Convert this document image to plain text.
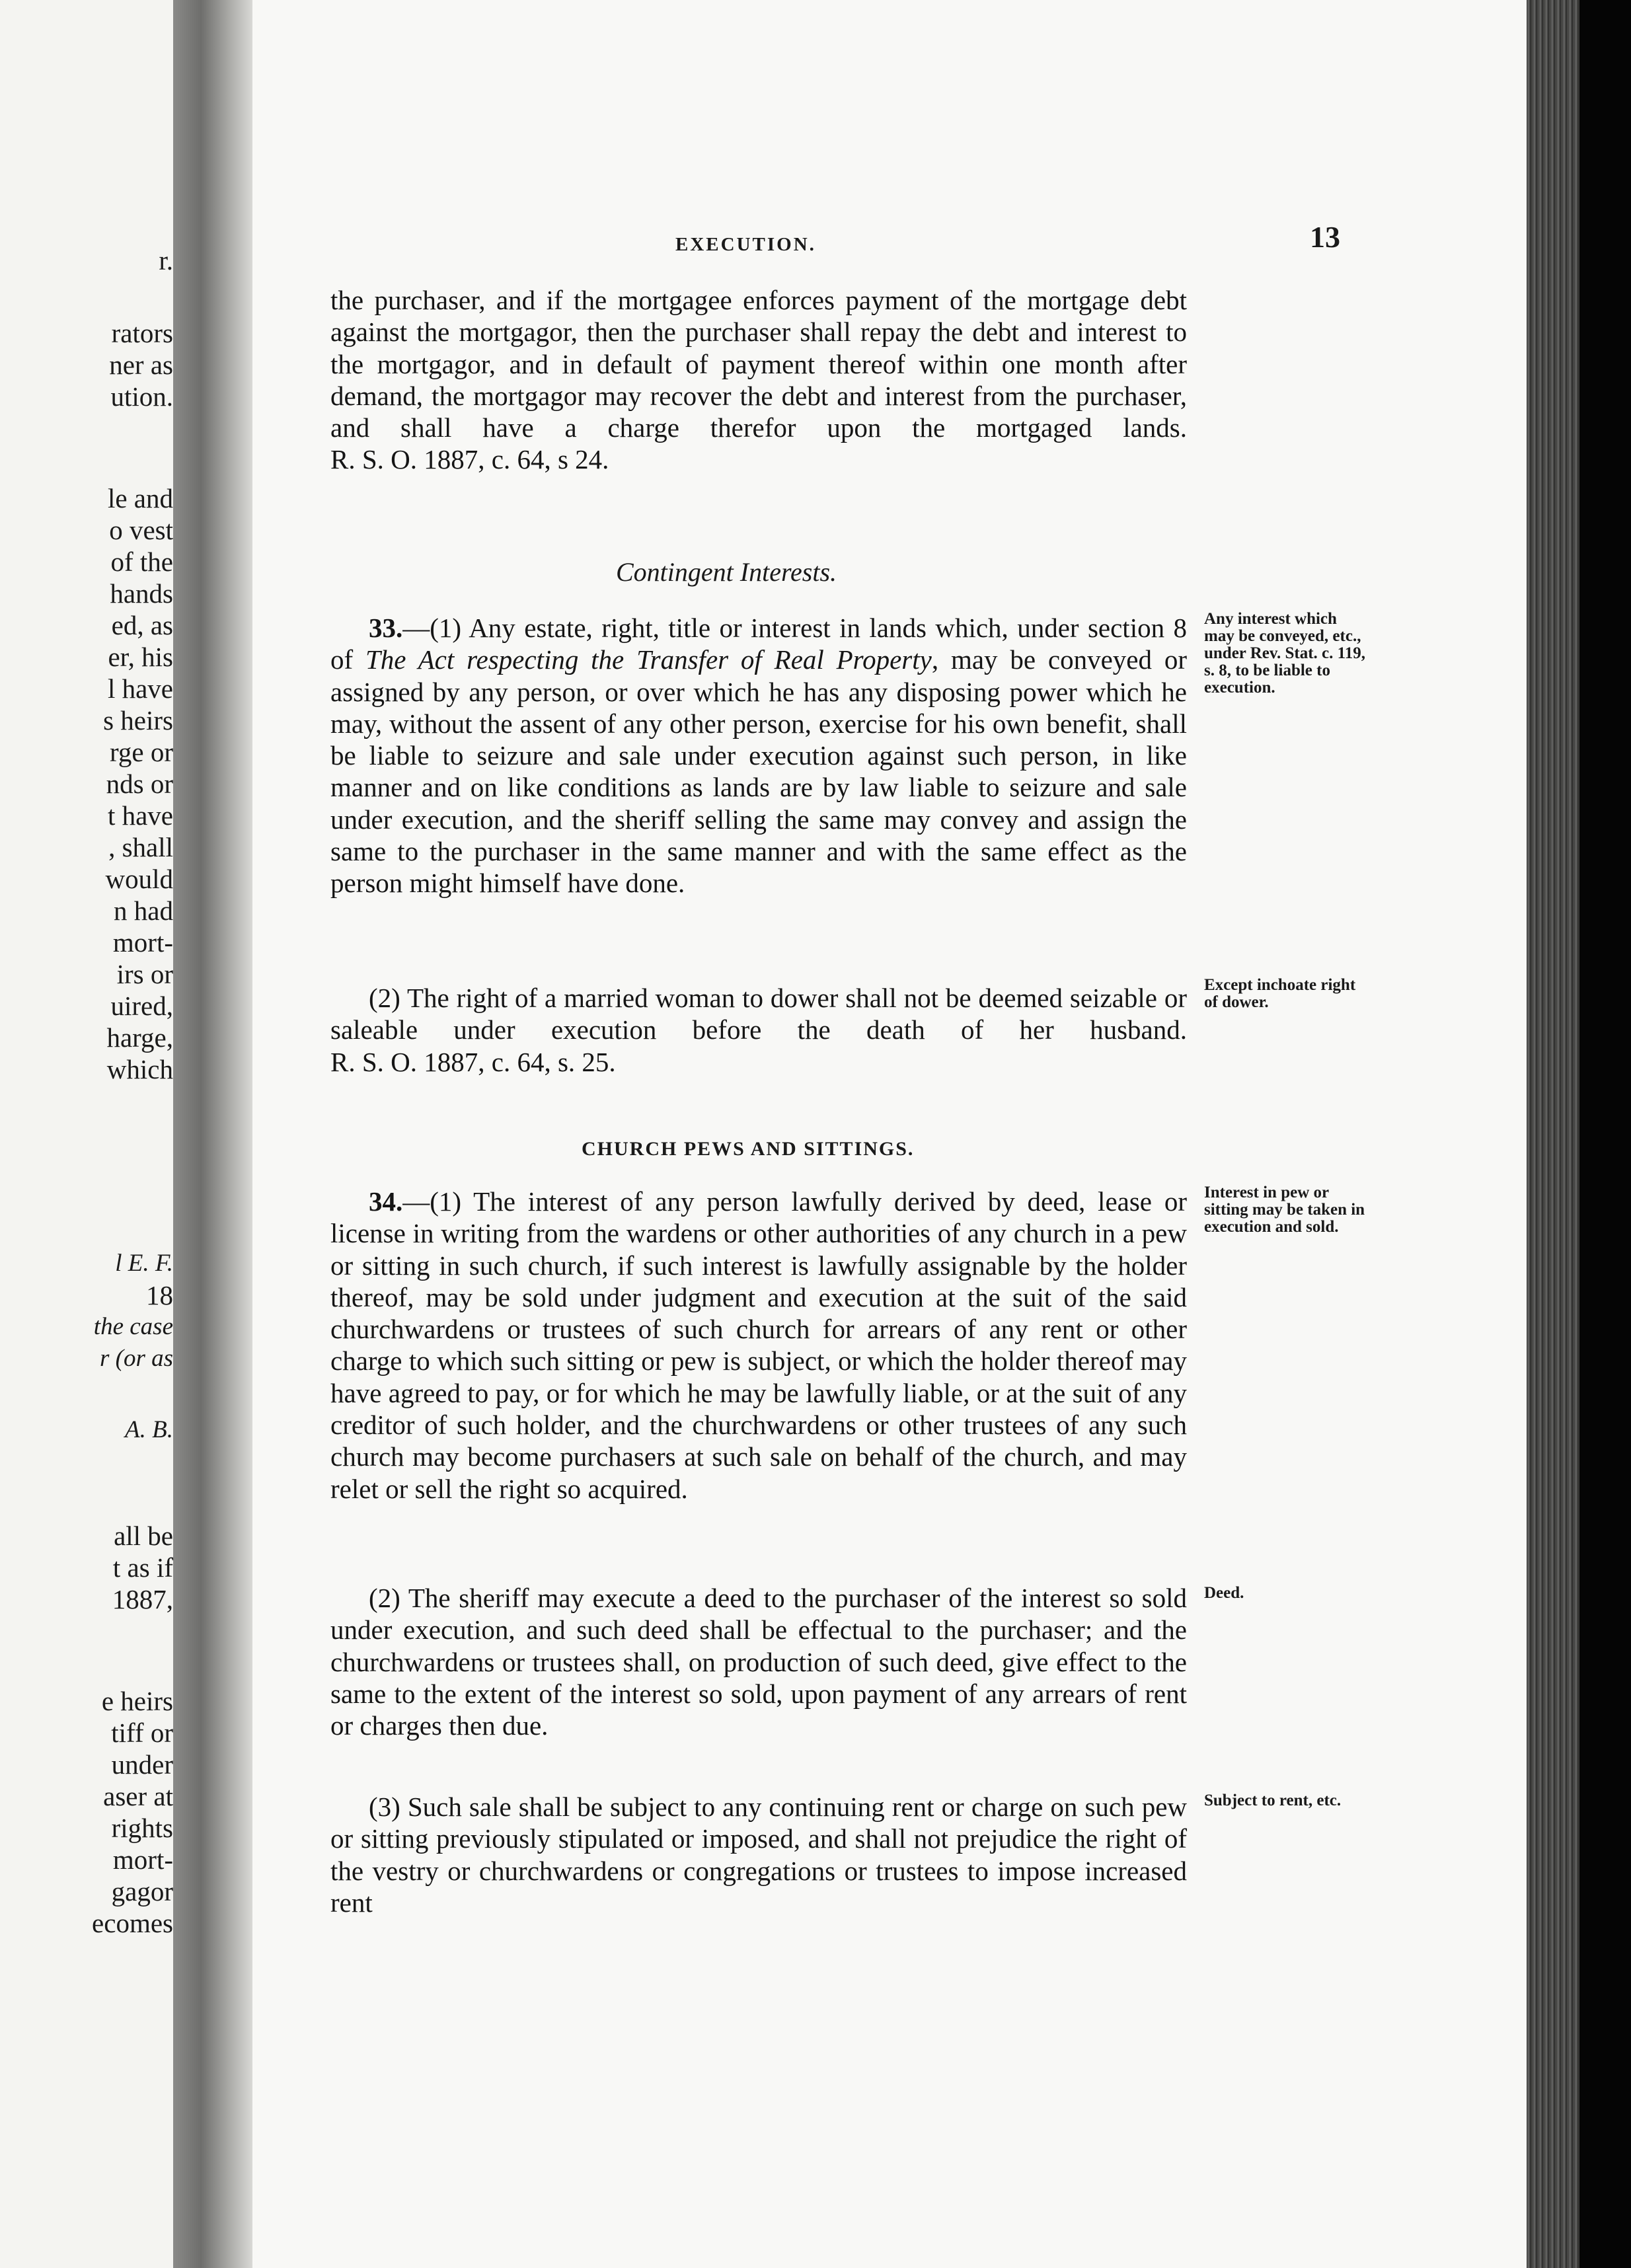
r.

rators

ner as

ution.

le and

o vest

of the

hands

ed, as

er, his

l have

s heirs

rge or

nds or

t have

, shall

would

n had

mort-

irs or

uired,

harge,

which

l E. F.

18

the case

r (or as

A. B.

all be

t as if

1887,

e heirs

tiff or

under

aser at

rights

mort-

gagor

ecomes

EXECUTION.	13

the purchaser, and if the mortgagee enforces payment of the mortgage debt against the mortgagor, then the purchaser shall repay the debt and interest to the mortgagor, and in default of payment thereof within one month after demand, the mortgagor may recover the debt and interest from the purchaser, and shall have a charge therefor upon the mortgaged lands. R. S. O. 1887, c. 64, s 24.

Contingent Interests.

33.—(1) Any estate, right, title or interest in lands which, under section 8 of The Act respecting the Transfer of Real Property, may be conveyed or assigned by any person, or over which he has any disposing power which he may, without the assent of any other person, exercise for his own benefit, shall be liable to seizure and sale under execution against such person, in like manner and on like conditions as lands are by law liable to seizure and sale under execution, and the sheriff selling the same may convey and assign the same to the purchaser in the same manner and with the same effect as the person might himself have done.

Any interest which may be conveyed, etc., under Rev. Stat. c. 119, s. 8, to be liable to execution.

(2) The right of a married woman to dower shall not be deemed seizable or saleable under execution before the death of her husband. R. S. O. 1887, c. 64, s. 25.

Except inchoate right of dower.

CHURCH PEWS AND SITTINGS.

34.—(1) The interest of any person lawfully derived by deed, lease or license in writing from the wardens or other authorities of any church in a pew or sitting in such church, if such interest is lawfully assignable by the holder thereof, may be sold under judgment and execution at the suit of the said churchwardens or trustees of such church for arrears of any rent or other charge to which such sitting or pew is subject, or which the holder thereof may have agreed to pay, or for which he may be lawfully liable, or at the suit of any creditor of such holder, and the churchwardens or other trustees of any such church may become purchasers at such sale on behalf of the church, and may relet or sell the right so acquired.

Interest in pew or sitting may be taken in execution and sold.

(2) The sheriff may execute a deed to the purchaser of the interest so sold under execution, and such deed shall be effectual to the purchaser; and the churchwardens or trustees shall, on production of such deed, give effect to the same to the extent of the interest so sold, upon payment of any arrears of rent or charges then due.

Deed.

(3) Such sale shall be subject to any continuing rent or charge on such pew or sitting previously stipulated or imposed, and shall not prejudice the right of the vestry or churchwardens or congregations or trustees to impose increased rent

Subject to rent, etc.
